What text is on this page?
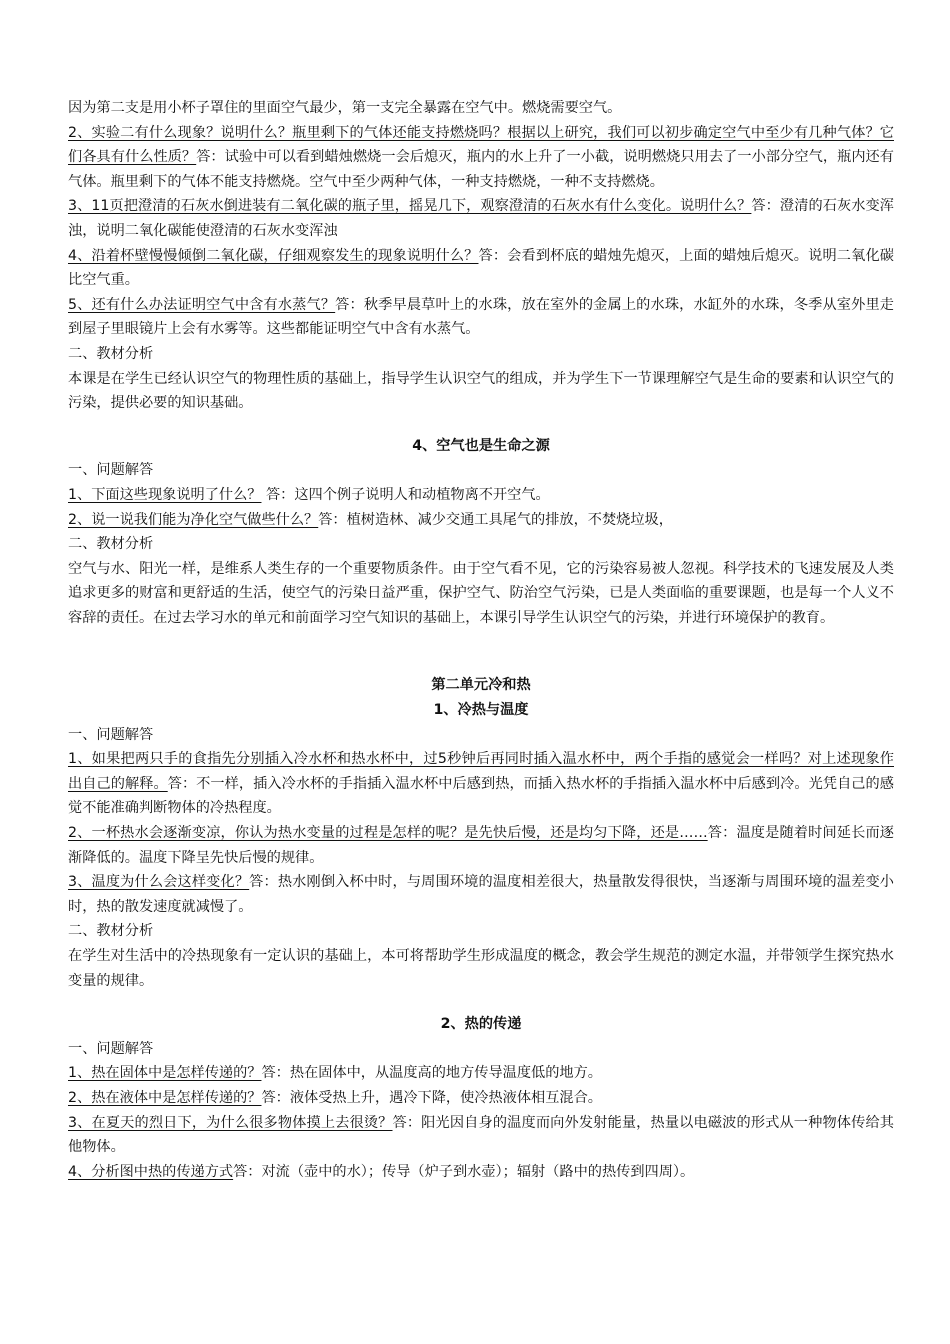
因为第二支是用小杯子罩住的里面空气最少，第一支完全暴露在空气中。燃烧需要空气。

2、实验二有什么现象？说明什么？瓶里剩下的气体还能支持燃烧吗？根据以上研究，我们可以初步确定空气中至少有几种气体？它们各具有什么性质？答：试验中可以看到蜡烛燃烧一会后熄灭，瓶内的水上升了一小截，说明燃烧只用去了一小部分空气，瓶内还有气体。瓶里剩下的气体不能支持燃烧。空气中至少两种气体，一种支持燃烧，一种不支持燃烧。

3、11页把澄清的石灰水倒进装有二氧化碳的瓶子里，摇晃几下，观察澄清的石灰水有什么变化。说明什么？答：澄清的石灰水变浑浊，说明二氧化碳能使澄清的石灰水变浑浊

4、沿着杯壁慢慢倾倒二氧化碳，仔细观察发生的现象说明什么？答：会看到杯底的蜡烛先熄灭，上面的蜡烛后熄灭。说明二氧化碳比空气重。

5、还有什么办法证明空气中含有水蒸气？答：秋季早晨草叶上的水珠，放在室外的金属上的水珠，水缸外的水珠，冬季从室外里走到屋子里眼镜片上会有水雾等。这些都能证明空气中含有水蒸气。

二、教材分析

本课是在学生已经认识空气的物理性质的基础上，指导学生认识空气的组成，并为学生下一节课理解空气是生命的要素和认识空气的污染，提供必要的知识基础。

4、空气也是生命之源

一、问题解答

1、下面这些现象说明了什么？ 答：这四个例子说明人和动植物离不开空气。

2、说一说我们能为净化空气做些什么？答：植树造林、减少交通工具尾气的排放，不焚烧垃圾，

二、教材分析

空气与水、阳光一样，是维系人类生存的一个重要物质条件。由于空气看不见，它的污染容易被人忽视。科学技术的飞速发展及人类追求更多的财富和更舒适的生活，使空气的污染日益严重，保护空气、防治空气污染，已是人类面临的重要课题，也是每一个人义不容辞的责任。在过去学习水的单元和前面学习空气知识的基础上，本课引导学生认识空气的污染，并进行环境保护的教育。

第二单元冷和热

1、冷热与温度

一、问题解答

1、如果把两只手的食指先分别插入冷水杯和热水杯中，过5秒钟后再同时插入温水杯中，两个手指的感觉会一样吗？对上述现象作出自己的解释。答：不一样，插入冷水杯的手指插入温水杯中后感到热，而插入热水杯的手指插入温水杯中后感到冷。光凭自己的感觉不能准确判断物体的冷热程度。

2、一杯热水会逐渐变凉，你认为热水变量的过程是怎样的呢？是先快后慢，还是均匀下降，还是……答：温度是随着时间延长而逐渐降低的。温度下降呈先快后慢的规律。

3、温度为什么会这样变化？答：热水刚倒入杯中时，与周围环境的温度相差很大，热量散发得很快，当逐渐与周围环境的温差变小时，热的散发速度就减慢了。

二、教材分析

在学生对生活中的冷热现象有一定认识的基础上，本可将帮助学生形成温度的概念，教会学生规范的测定水温，并带领学生探究热水变量的规律。

2、热的传递

一、问题解答

1、热在固体中是怎样传递的？答：热在固体中，从温度高的地方传导温度低的地方。

2、热在液体中是怎样传递的？答：液体受热上升，遇冷下降，使冷热液体相互混合。

3、在夏天的烈日下，为什么很多物体摸上去很烫？答：阳光因自身的温度而向外发射能量，热量以电磁波的形式从一种物体传给其他物体。

4、分析图中热的传递方式答：对流（壶中的水）；传导（炉子到水壶）；辐射（路中的热传到四周）。
